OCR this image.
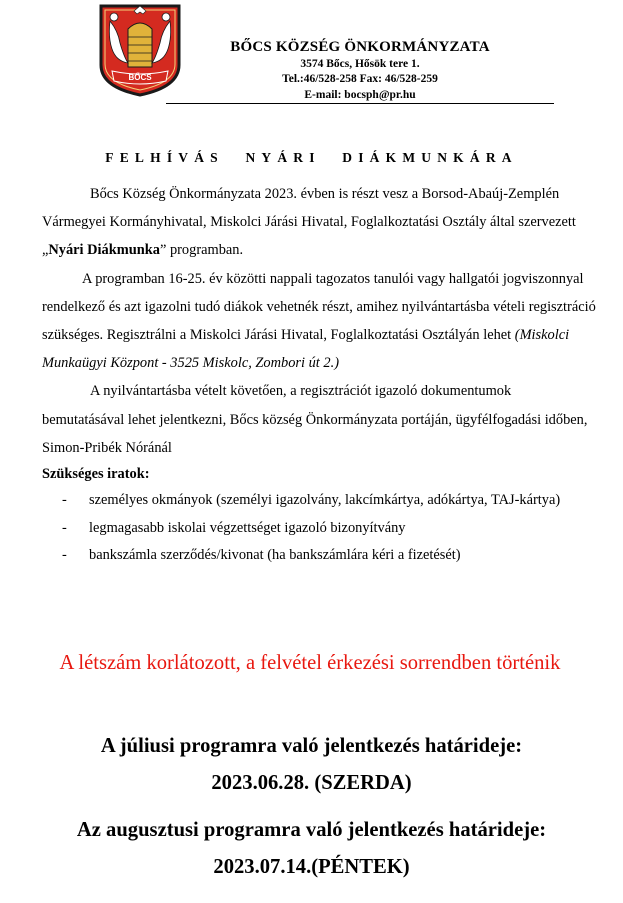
BŐCS
BŐCS KÖZSÉG ÖNKORMÁNYZATA
3574 Bőcs, Hősök tere 1.
Tel.:46/528-258 Fax: 46/528-259
E-mail: bocsph@pr.hu
FELHÍVÁS NYÁRI DIÁKMUNKÁRA

Bőcs Község Önkormányzata 2023. évben is részt vesz a Borsod-Abaúj-Zemplén Vármegyei Kormányhivatal, Miskolci Járási Hivatal, Foglalkoztatási Osztály által szervezett „Nyári Diákmunka” programban.

A programban 16-25. év közötti nappali tagozatos tanulói vagy hallgatói jogviszonnyal rendelkező és azt igazolni tudó diákok vehetnék részt, amihez nyilvántartásba vételi regisztráció szükséges. Regisztrálni a Miskolci Járási Hivatal, Foglalkoztatási Osztályán lehet (Miskolci Munkaügyi Központ - 3525 Miskolc, Zombori út 2.)

A nyilvántartásba vételt követően, a regisztrációt igazoló dokumentumok bemutatásával lehet jelentkezni, Bőcs község Önkormányzata portáján, ügyfélfogadási időben, Simon-Pribék Nóránál

Szükséges iratok:

- személyes okmányok (személyi igazolvány, lakcímkártya, adókártya, TAJ-kártya)
- legmagasabb iskolai végzettséget igazoló bizonyítvány
- bankszámla szerződés/kivonat (ha bankszámlára kéri a fizetését)
A létszám korlátozott, a felvétel érkezési sorrendben történik
A júliusi programra való jelentkezés határideje:
2023.06.28. (SZERDA)
Az augusztusi programra való jelentkezés határideje:
2023.07.14.(PÉNTEK)
